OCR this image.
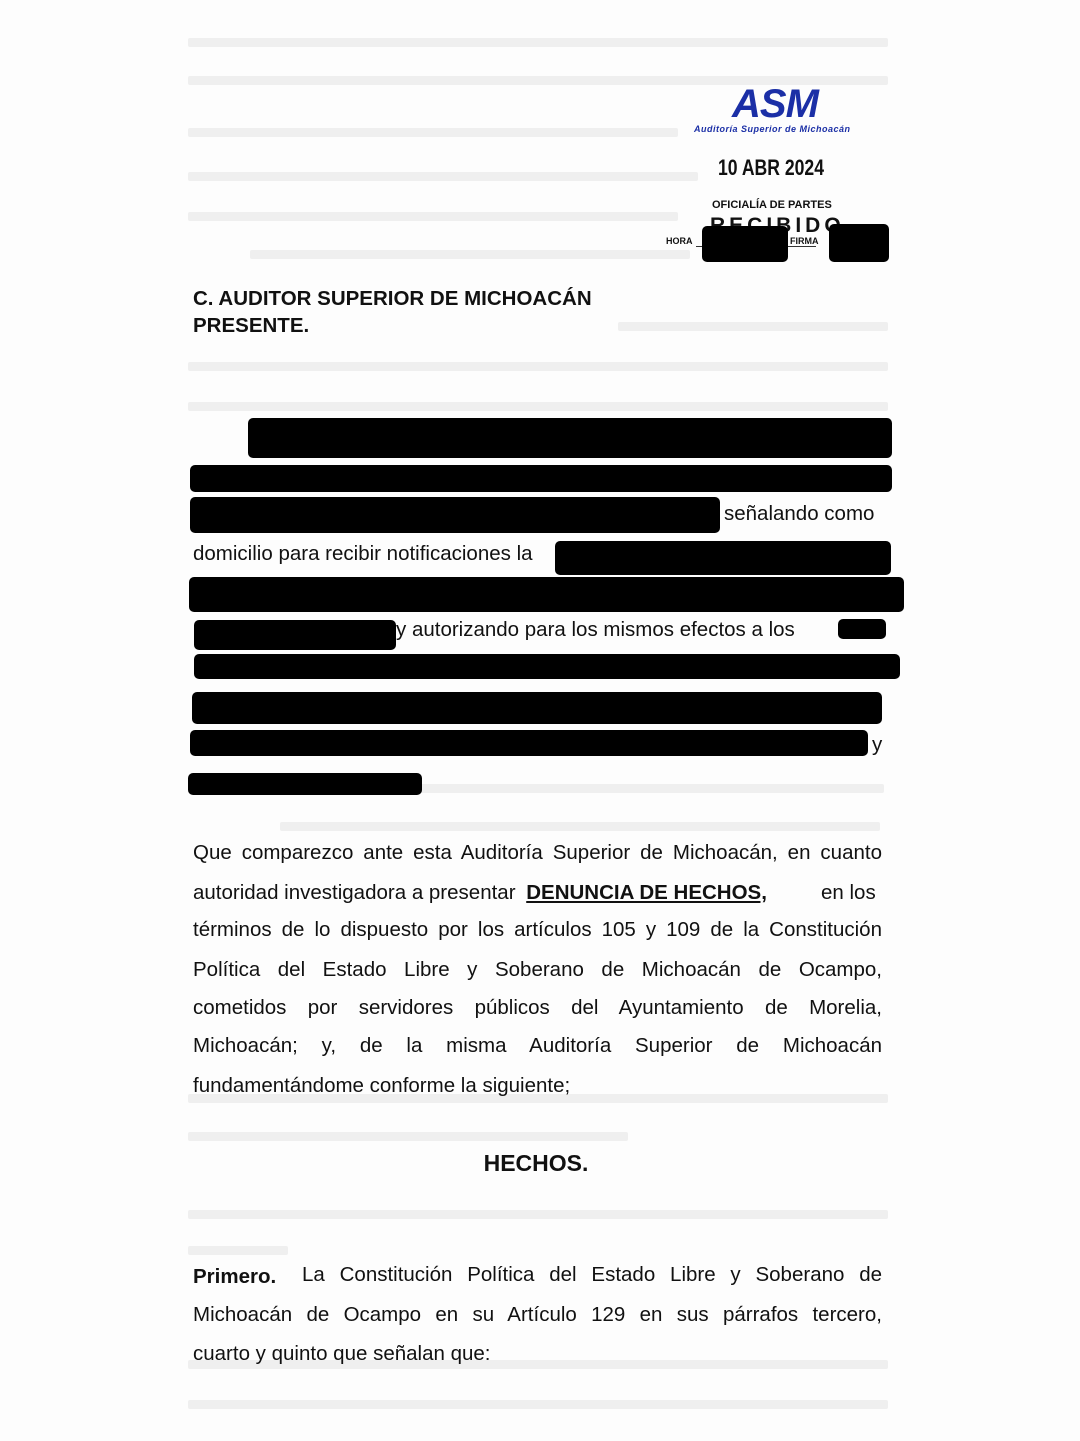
ASM
Auditoría Superior de Michoacán
10 ABR 2024
OFICIALÍA DE PARTES
HORA	FIRMA
C. AUDITOR SUPERIOR DE MICHOACÁN
PRESENTE.
señalando como
domicilio para recibir notificaciones la
y autorizando para los mismos efectos a los
y
Que comparezco ante esta Auditoría Superior de Michoacán, en cuanto
autoridad investigadora a presentar DENUNCIA DE HECHOS,	en los
términos de lo dispuesto por los artículos 105 y 109 de la Constitución
Política del Estado Libre y Soberano de Michoacán de Ocampo,
cometidos por servidores públicos del Ayuntamiento de Morelia,
Michoacán; y, de la misma Auditoría Superior de Michoacán
fundamentándome conforme la siguiente;
HECHOS.
Primero. La Constitución Política del Estado Libre y Soberano de
Michoacán de Ocampo en su Artículo 129 en sus párrafos tercero,
cuarto y quinto que señalan que:
